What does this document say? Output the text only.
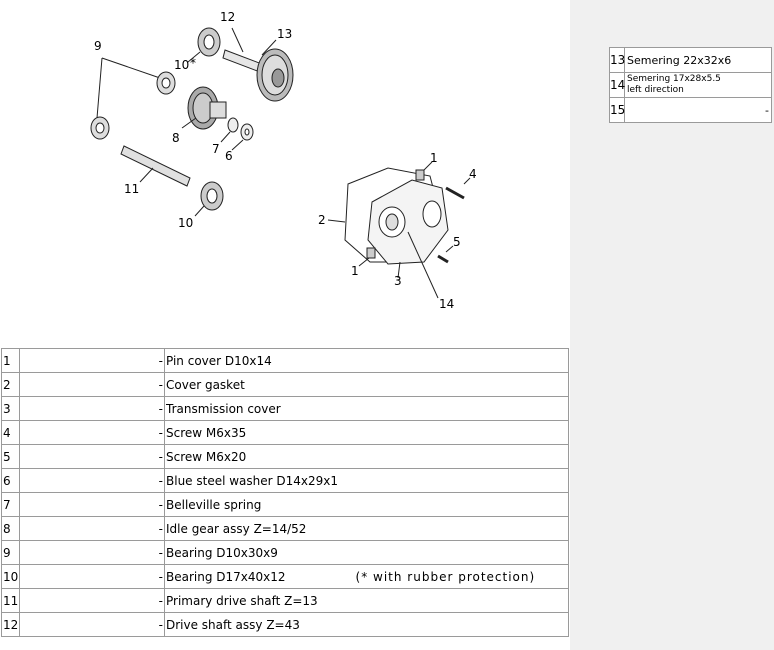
9
12
13
10 *
8
7 6
11
10
1
4
2
5
1
3
14
1	-	Pin cover D10x14
2	-	Cover gasket
3	-	Transmission cover
4	-	Screw M6x35
5	-	Screw M6x20
6	-	Blue steel washer D14x29x1
7	-	Belleville spring
8	-	Idle gear assy Z=14/52
9	-	Bearing D10x30x9
10	-	Bearing D17x40x12 (* with rubber protection)
11	-	Primary drive shaft Z=13
12	-	Drive shaft assy Z=43
13	Semering 22x32x6
14	Semering 17x28x5.5
left direction

15	-
